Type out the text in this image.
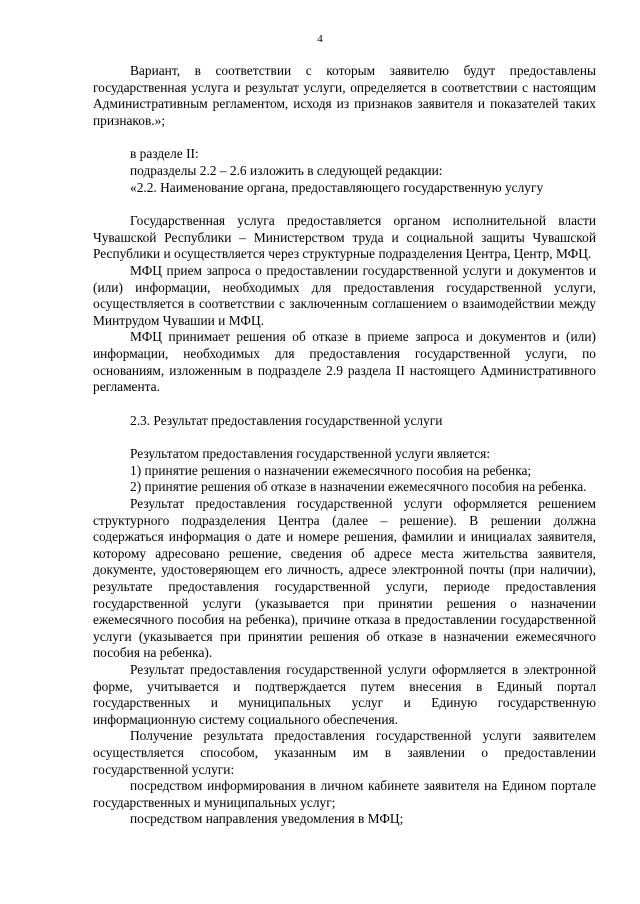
4

Вариант, в соответствии с которым заявителю будут предоставлены государственная услуга и результат услуги, определяется в соответствии с настоящим Административным регламентом, исходя из признаков заявителя и показателей таких признаков.»;

в разделе II:

подразделы 2.2 – 2.6 изложить в следующей редакции:

«2.2. Наименование органа, предоставляющего государственную услугу

Государственная услуга предоставляется органом исполнительной власти Чувашской Республики – Министерством труда и социальной защиты Чувашской Республики и осуществляется через структурные подразделения Центра, Центр, МФЦ.

МФЦ прием запроса о предоставлении государственной услуги и документов и (или) информации, необходимых для предоставления государственной услуги, осуществляется в соответствии с заключенным соглашением о взаимодействии между Минтрудом Чувашии и МФЦ.

МФЦ принимает решения об отказе в приеме запроса и документов и (или) информации, необходимых для предоставления государственной услуги, по основаниям, изложенным в подразделе 2.9 раздела II настоящего Административного регламента.

2.3. Результат предоставления государственной услуги

Результатом предоставления государственной услуги является:

1) принятие решения о назначении ежемесячного пособия на ребенка;

2) принятие решения об отказе в назначении ежемесячного пособия на ребенка.

Результат предоставления государственной услуги оформляется решением структурного подразделения Центра (далее – решение). В решении должна содержаться информация о дате и номере решения, фамилии и инициалах заявителя, которому адресовано решение, сведения об адресе места жительства заявителя, документе, удостоверяющем его личность, адресе электронной почты (при наличии), результате предоставления государственной услуги, периоде предоставления государственной услуги (указывается при принятии решения о назначении ежемесячного пособия на ребенка), причине отказа в предоставлении государственной услуги (указывается при принятии решения об отказе в назначении ежемесячного пособия на ребенка).

Результат предоставления государственной услуги оформляется в электронной форме, учитывается и подтверждается путем внесения в Единый портал государственных и муниципальных услуг и Единую государственную информационную систему социального обеспечения.

Получение результата предоставления государственной услуги заявителем осуществляется способом, указанным им в заявлении о предоставлении государственной услуги:

посредством информирования в личном кабинете заявителя на Едином портале государственных и муниципальных услуг;

посредством направления уведомления в МФЦ;
